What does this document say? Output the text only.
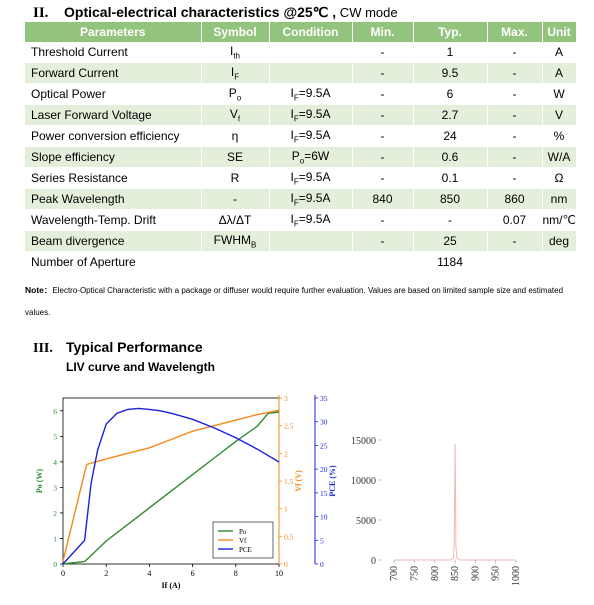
II. Optical-electrical characteristics @25℃ , CW mode
Parameters	Symbol	Condition	Min.	Typ.	Max.	Unit
Threshold Current	$I_{th}$		-	1	-	A
Forward Current	$I_F$		-	9.5	-	A
Optical Power	$P_o$	$I_F=9.5A$	-	6	-	W
Laser Forward Voltage	$V_f$	$I_F=9.5A$	-	2.7	-	V
Power conversion efficiency	η	$I_F=9.5A$	-	24	-	%
Slope efficiency	SE	$P_o=6W$	-	0.6	-	W/A
Series Resistance	R	$I_F=9.5A$	-	0.1	-	Ω
Peak Wavelength	-	$I_F=9.5A$	840	850	860	nm
Wavelength-Temp. Drift	Δλ/ΔT	$I_F=9.5A$	-	-	0.07	nm/℃
Beam divergence	$FWHM_B$		-	25	-	deg
Number of Aperture				1184		
Note：Electro-Optical Characteristic with a package or diffuser would require further evaluation. Values are based on limited sample size and estimated values.
III. Typical Performance
LIV curve and Wavelength
0	2	4	6	8	10
If (A)
0
1
2
3
4
5
6
Po (W)
0
0.5
1
1.5
2
2.5
3
Vf (V)
0
5
10
15
20
25
30
35
PCE (%)
Po
Vf
PCE
0
5000
10000
15000
700 750 800 850 900 950 1000
